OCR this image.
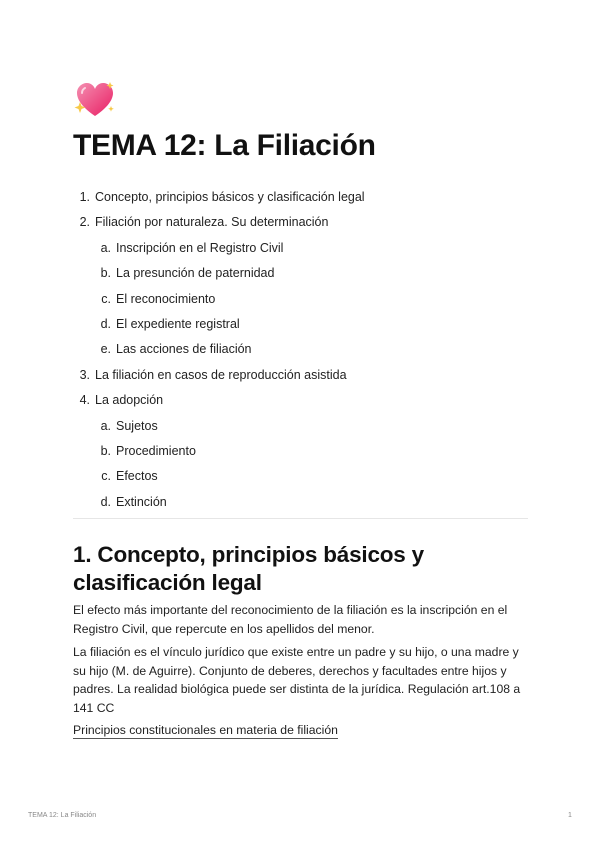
TEMA 12: La Filiación
1. Concepto, principios básicos y clasificación legal
2. Filiación por naturaleza. Su determinación
a. Inscripción en el Registro Civil
b. La presunción de paternidad
c. El reconocimiento
d. El expediente registral
e. Las acciones de filiación
3. La filiación en casos de reproducción asistida
4. La adopción
a. Sujetos
b. Procedimiento
c. Efectos
d. Extinción
1. Concepto, principios básicos y clasificación legal

El efecto más importante del reconocimiento de la filiación es la inscripción en el Registro Civil, que repercute en los apellidos del menor.

La filiación es el vínculo jurídico que existe entre un padre y su hijo, o una madre y su hijo (M. de Aguirre). Conjunto de deberes, derechos y facultades entre hijos y padres. La realidad biológica puede ser distinta de la jurídica. Regulación art.108 a 141 CC

Principios constitucionales en materia de filiación
TEMA 12: La Filiación	1
